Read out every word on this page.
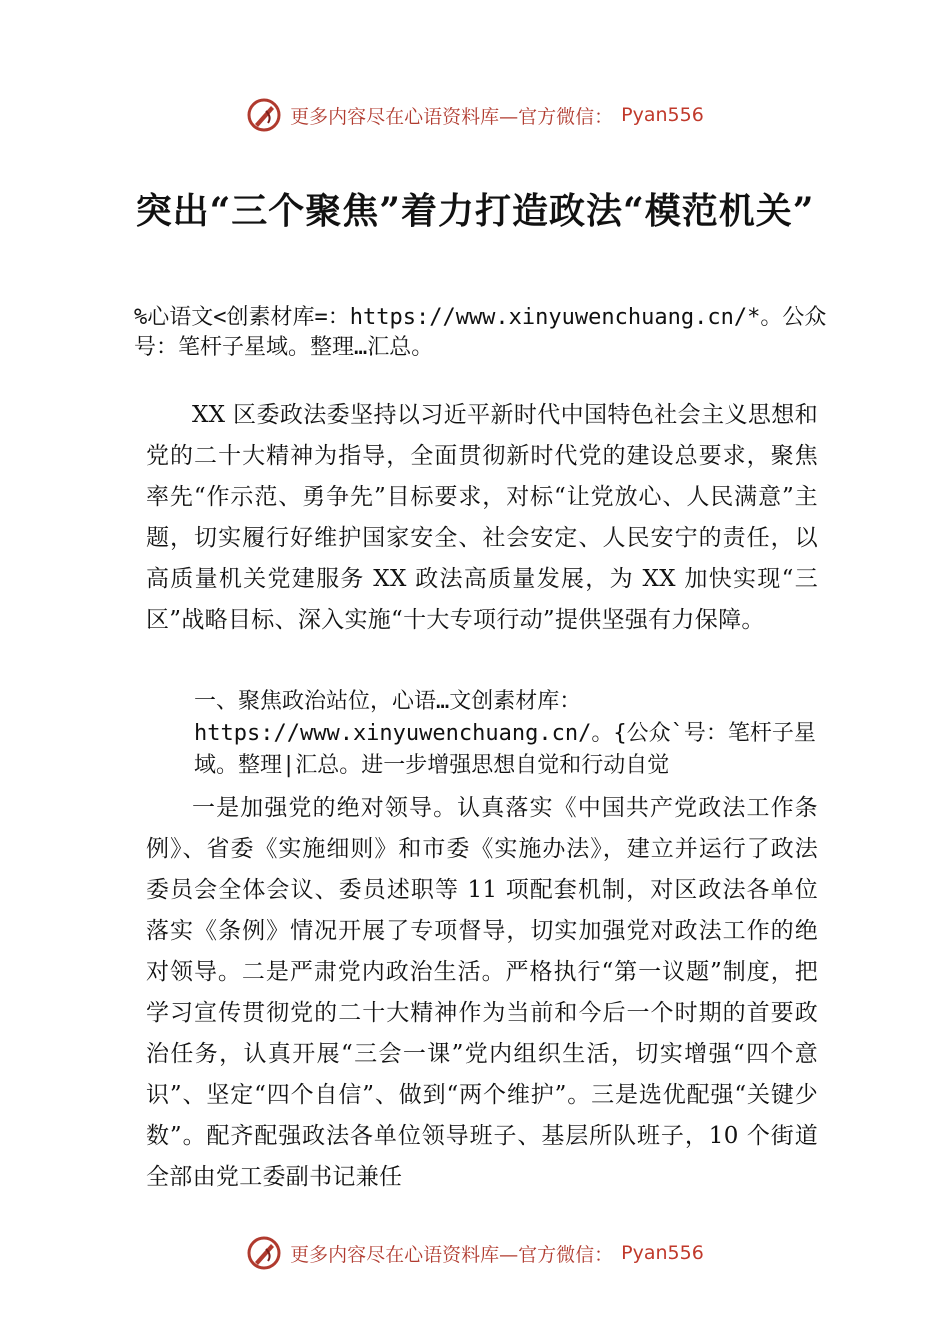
更多内容尽在心语资料库—官方微信： Pyan556
突出“三个聚焦”着力打造政法“模范机关”

%心语文<创素材库=：https://www.xinyuwenchuang.cn/*。公众号：笔杆子星域。整理…汇总。

XX 区委政法委坚持以习近平新时代中国特色社会主义思想和党的二十大精神为指导，全面贯彻新时代党的建设总要求，聚焦率先“作示范、勇争先”目标要求，对标“让党放心、人民满意”主题，切实履行好维护国家安全、社会安定、人民安宁的责任，以高质量机关党建服务 XX 政法高质量发展，为 XX 加快实现“三区”战略目标、深入实施“十大专项行动”提供坚强有力保障。

一、聚焦政治站位，心语…文创素材库：https://www.xinyuwenchuang.cn/。{公众`号：笔杆子星域。整理|汇总。进一步增强思想自觉和行动自觉

一是加强党的绝对领导。认真落实《中国共产党政法工作条例》、省委《实施细则》和市委《实施办法》，建立并运行了政法委员会全体会议、委员述职等 11 项配套机制，对区政法各单位落实《条例》情况开展了专项督导，切实加强党对政法工作的绝对领导。二是严肃党内政治生活。严格执行“第一议题”制度，把学习宣传贯彻党的二十大精神作为当前和今后一个时期的首要政治任务，认真开展“三会一课”党内组织生活，切实增强“四个意识”、坚定“四个自信”、做到“两个维护”。三是选优配强“关键少数”。配齐配强政法各单位领导班子、基层所队班子，10 个街道全部由党工委副书记兼任

更多内容尽在心语资料库—官方微信： Pyan556
